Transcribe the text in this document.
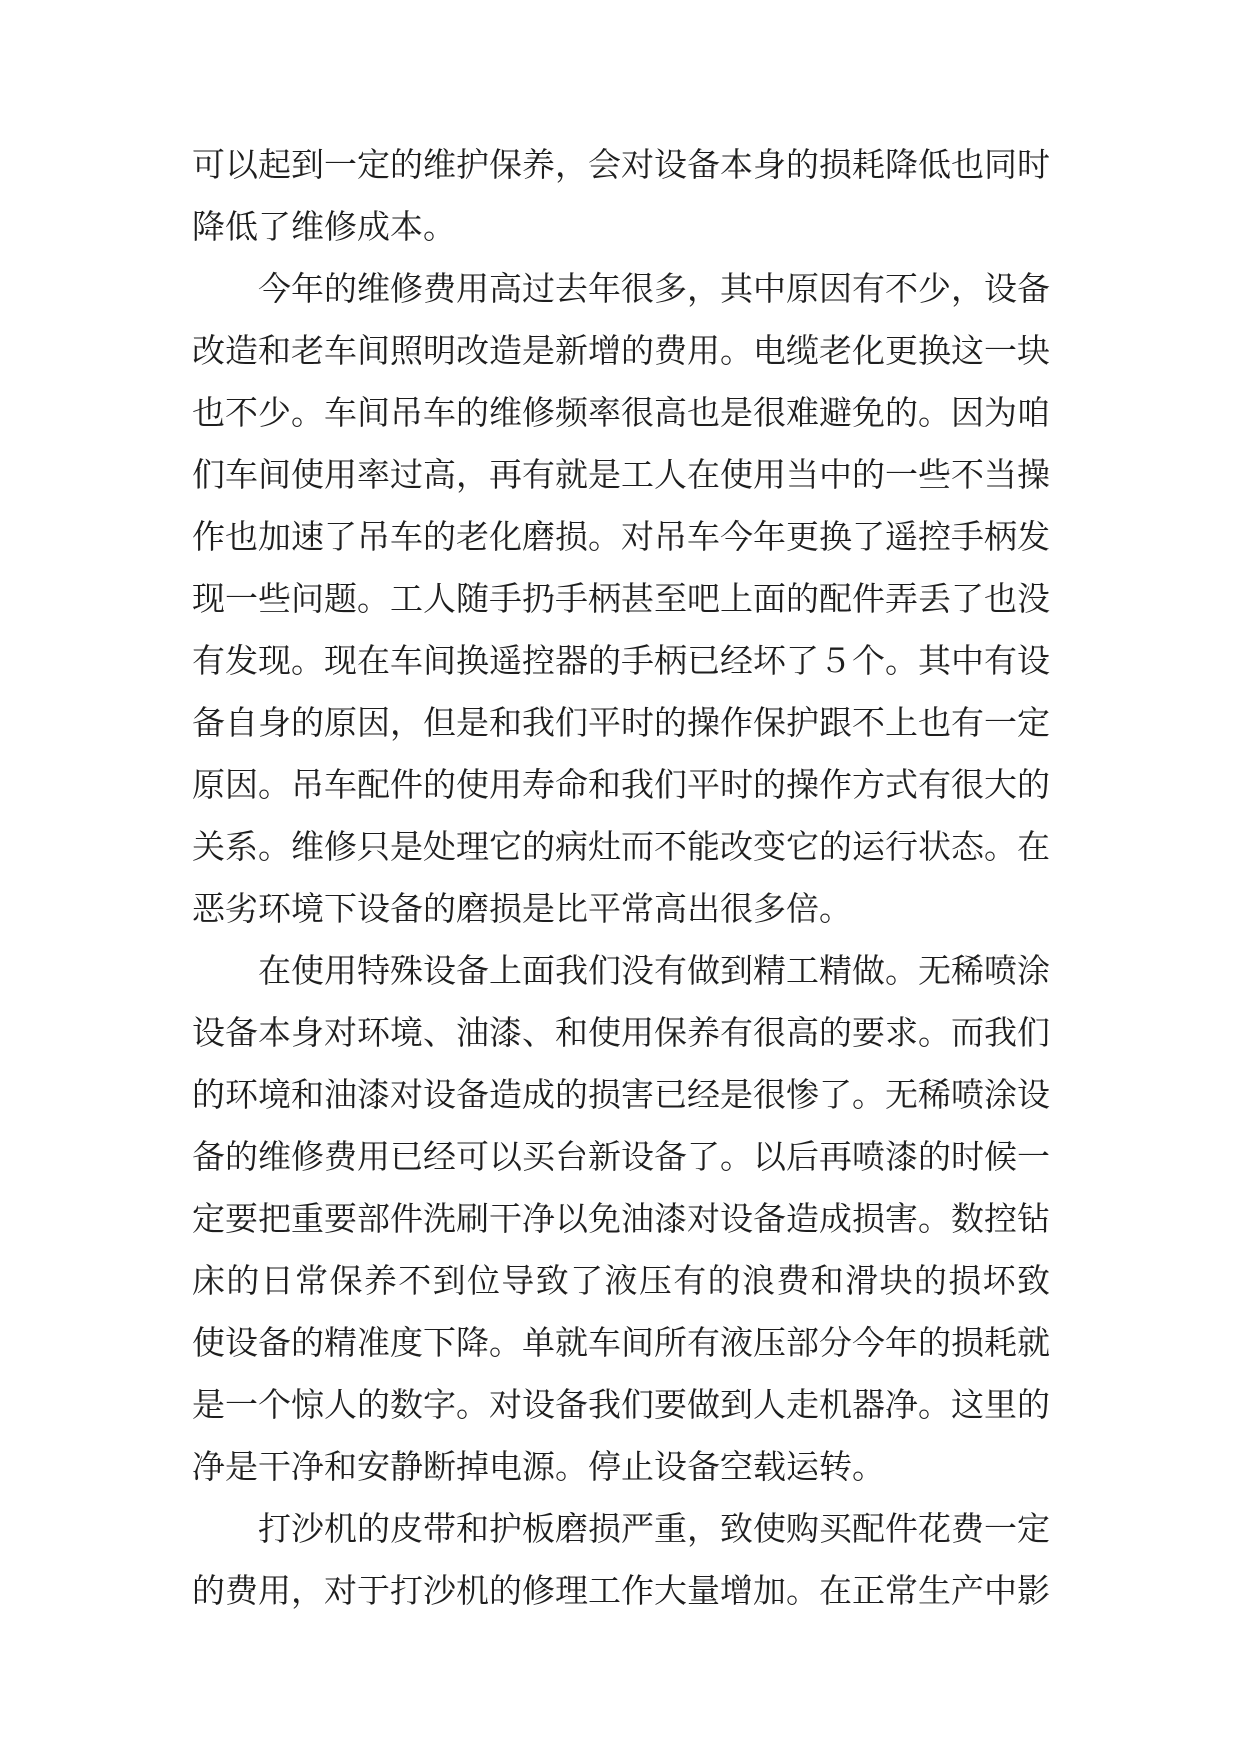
可以起到一定的维护保养，会对设备本身的损耗降低也同时
降低了维修成本。
今年的维修费用高过去年很多，其中原因有不少，设备
改造和老车间照明改造是新增的费用。电缆老化更换这一块
也不少。车间吊车的维修频率很高也是很难避免的。因为咱
们车间使用率过高，再有就是工人在使用当中的一些不当操
作也加速了吊车的老化磨损。对吊车今年更换了遥控手柄发
现一些问题。工人随手扔手柄甚至吧上面的配件弄丢了也没
有发现。现在车间换遥控器的手柄已经坏了５个。其中有设
备自身的原因，但是和我们平时的操作保护跟不上也有一定
原因。吊车配件的使用寿命和我们平时的操作方式有很大的
关系。维修只是处理它的病灶而不能改变它的运行状态。在
恶劣环境下设备的磨损是比平常高出很多倍。
在使用特殊设备上面我们没有做到精工精做。无稀喷涂
设备本身对环境、油漆、和使用保养有很高的要求。而我们
的环境和油漆对设备造成的损害已经是很惨了。无稀喷涂设
备的维修费用已经可以买台新设备了。以后再喷漆的时候一
定要把重要部件洗刷干净以免油漆对设备造成损害。数控钻
床的日常保养不到位导致了液压有的浪费和滑块的损坏致
使设备的精准度下降。单就车间所有液压部分今年的损耗就
是一个惊人的数字。对设备我们要做到人走机器净。这里的
净是干净和安静断掉电源。停止设备空载运转。
打沙机的皮带和护板磨损严重，致使购买配件花费一定
的费用，对于打沙机的修理工作大量增加。在正常生产中影
